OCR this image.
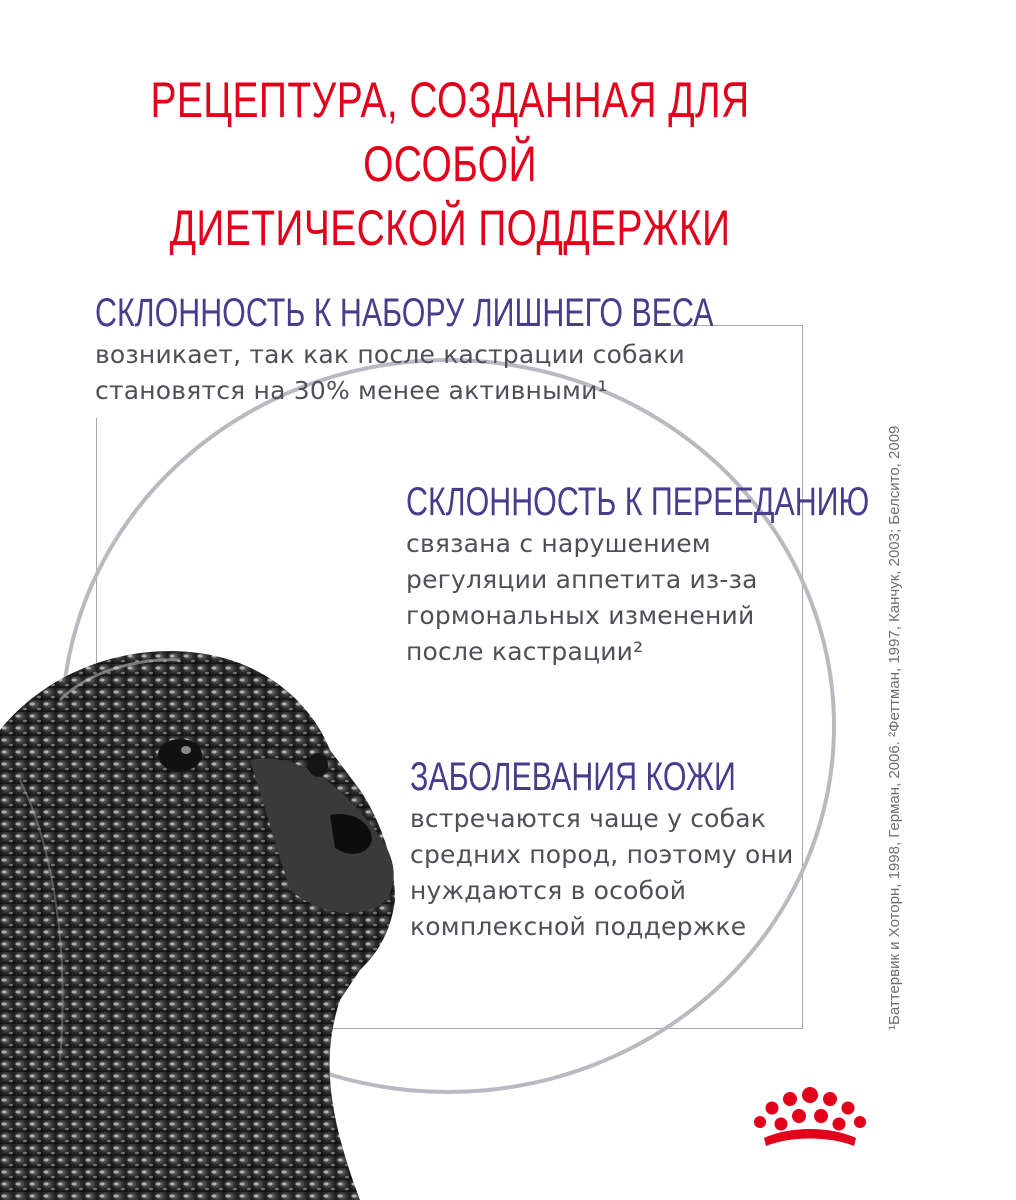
РЕЦЕПТУРА, СОЗДАННАЯ ДЛЯ ОСОБОЙ
ДИЕТИЧЕСКОЙ ПОДДЕРЖКИ
СКЛОННОСТЬ К НАБОРУ ЛИШНЕГО ВЕСА
возникает, так как после кастрации собаки
становятся на 30% менее активными¹
СКЛОННОСТЬ К ПЕРЕЕДАНИЮ
связана с нарушением
регуляции аппетита из-за
гормональных изменений
после кастрации²
ЗАБОЛЕВАНИЯ КОЖИ
встречаются чаще у собак
средних пород, поэтому они
нуждаются в особой
комплексной поддержке	¹Баттервик и Хоторн, 1998, Герман, 2006. ²Феттман, 1997, Канчук, 2003; Белсито, 2009
